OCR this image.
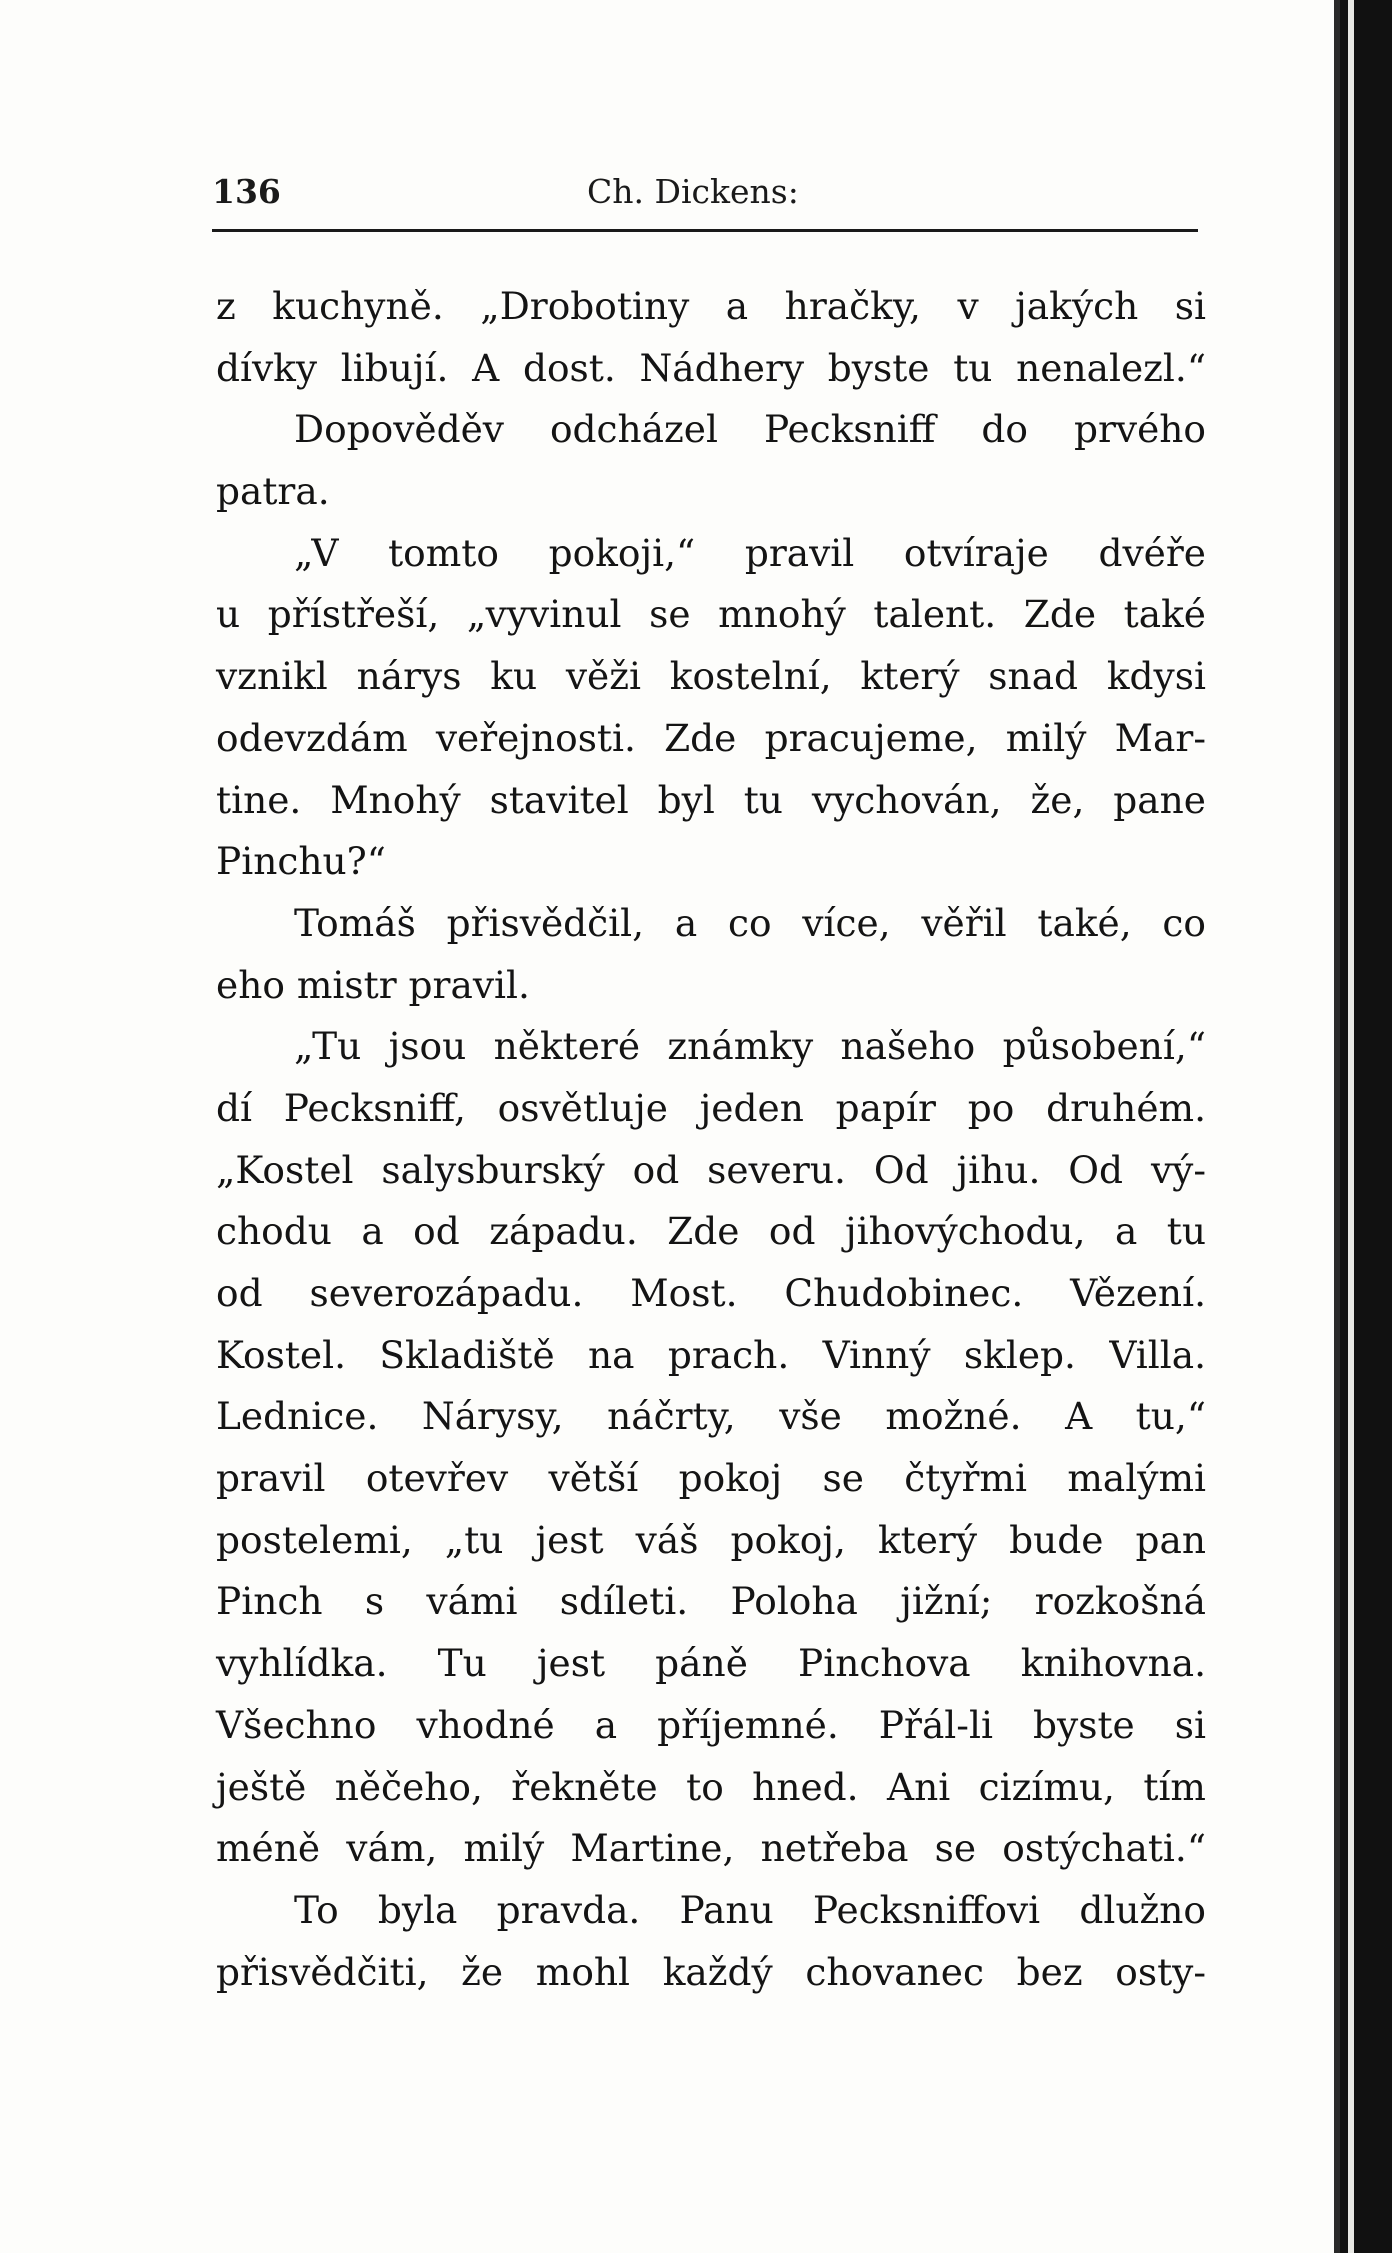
136	Ch. Dickens:
z kuchyně. „Drobotiny a hračky, v jakých si
dívky libují. A dost. Nádhery byste tu nenalezl.“
Dopověděv odcházel Pecksniff do prvého
patra.
„V tomto pokoji,“ pravil otvíraje dvéře
u přístřeší, „vyvinul se mnohý talent. Zde také
vznikl nárys ku věži kostelní, který snad kdysi
odevzdám veřejnosti. Zde pracujeme, milý Mar-
tine. Mnohý stavitel byl tu vychován, že, pane
Pinchu?“
Tomáš přisvědčil, a co více, věřil také, co
eho mistr pravil.
„Tu jsou některé známky našeho působení,“
dí Pecksniff, osvětluje jeden papír po druhém.
„Kostel salysburský od severu. Od jihu. Od vý-
chodu a od západu. Zde od jihovýchodu, a tu
od severozápadu. Most. Chudobinec. Vězení.
Kostel. Skladiště na prach. Vinný sklep. Villa.
Lednice. Nárysy, náčrty, vše možné. A tu,“
pravil otevřev větší pokoj se čtyřmi malými
postelemi, „tu jest váš pokoj, který bude pan
Pinch s vámi sdíleti. Poloha jižní; rozkošná
vyhlídka. Tu jest páně Pinchova knihovna.
Všechno vhodné a příjemné. Přál-li byste si
ještě něčeho, řekněte to hned. Ani cizímu, tím
méně vám, milý Martine, netřeba se ostýchati.“
To byla pravda. Panu Pecksniffovi dlužno
přisvědčiti, že mohl každý chovanec bez osty-
